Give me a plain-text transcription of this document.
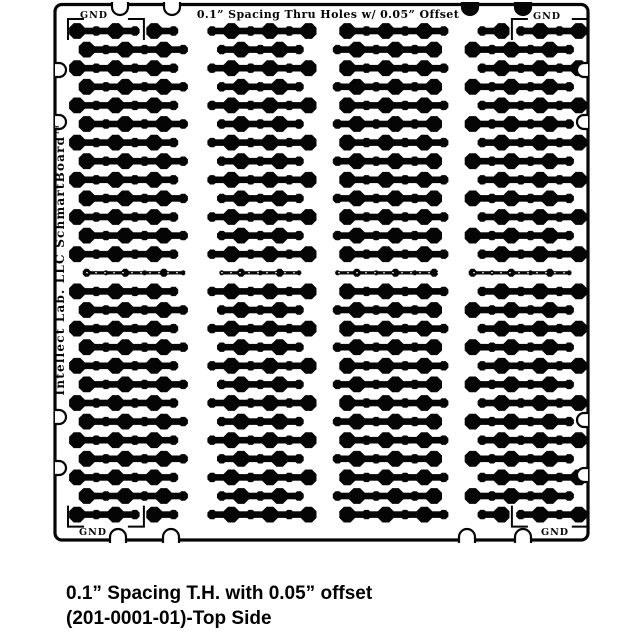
0.1” Spacing Thru Holes w/ 0.05” Offset
GND	GND
GND	GND
Intellect Lab. LLC SchmartBoard™
0.1” Spacing T.H. with 0.05” offset
(201-0001-01)-Top Side
